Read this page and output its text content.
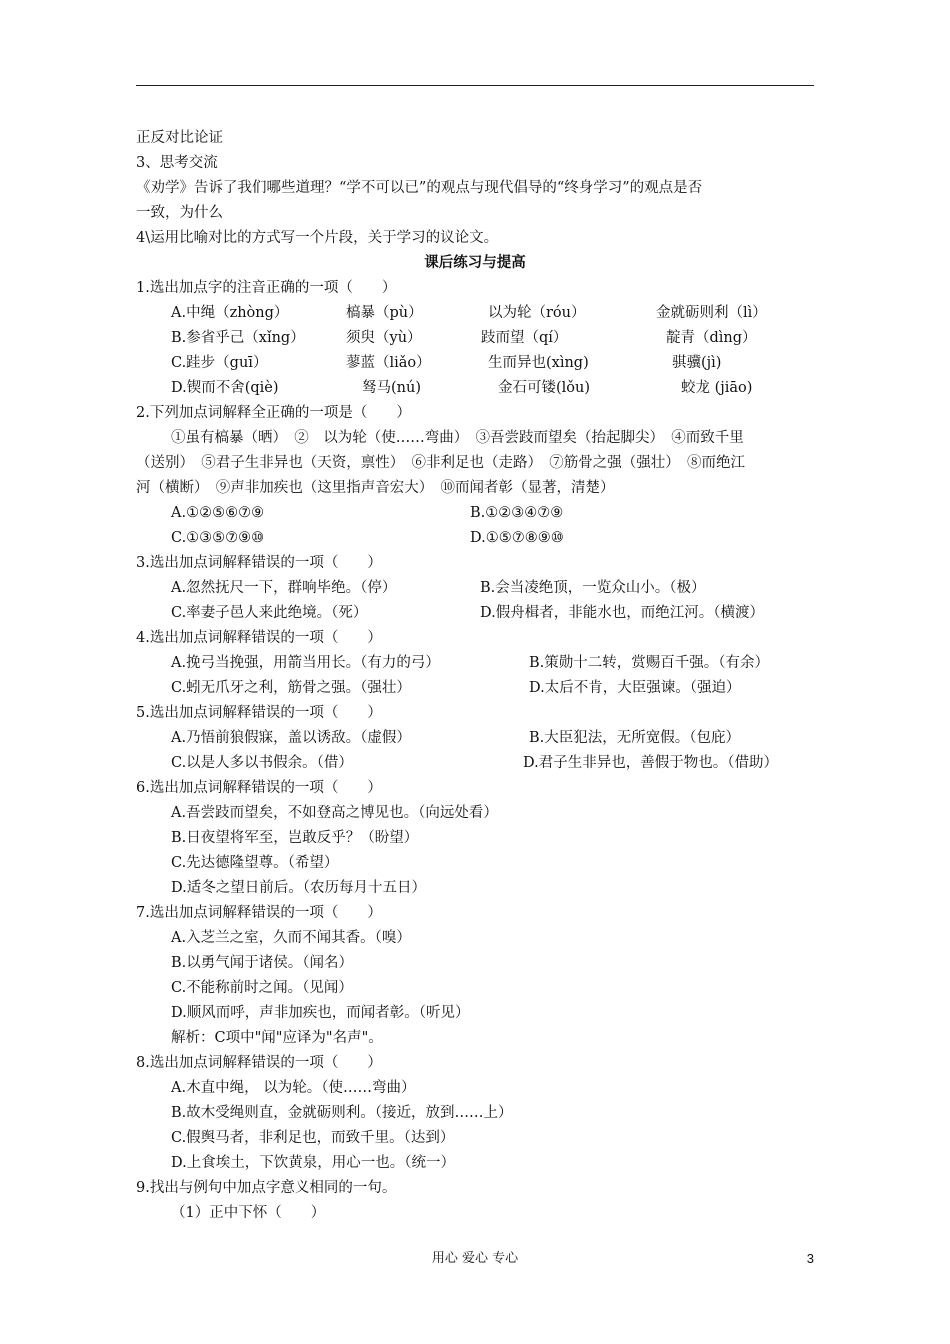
正反对比论证
3、思考交流
《劝学》告诉了我们哪些道理？“学不可以已”的观点与现代倡导的“终身学习”的观点是否
一致，为什么
4\运用比喻对比的方式写一个片段，关于学习的议论文。
课后练习与提高
1.选出加点字的注音正确的一项（　　）
A.中绳（zhòng）	槁暴（pù）	以为轮（róu）	金就砺则利（lì）
B.参省乎己（xǐng）	须臾（yù）	跂而望（qí）	靛青（dìng）
C.跬步（guī）	蓼蓝（liǎo）	生而异也(xìng)	骐骥(jì)
D.锲而不舍(qiè)	驽马(nú)	金石可镂(lǒu)	蛟龙 (jiāo)
2.下列加点词解释全正确的一项是（　　）
①虽有槁暴（晒）　②　以为轮（使……弯曲）　③吾尝跂而望矣（抬起脚尖）　④而致千里
（送别）　⑤君子生非异也（天资，禀性）　⑥非利足也（走路）　⑦筋骨之强（强壮）　⑧而绝江
河（横断）　⑨声非加疾也（这里指声音宏大）　⑩而闻者彰（显著，清楚）
A.①②⑤⑥⑦⑨	B.①②③④⑦⑨
C.①③⑤⑦⑨⑩	D.①⑤⑦⑧⑨⑩
3.选出加点词解释错误的一项（　　）
A.忽然抚尺一下，群响毕绝。（停）	B.会当凌绝顶，一览众山小。（极）
C.率妻子邑人来此绝境。（死）	D.假舟楫者，非能水也，而绝江河。（横渡）
4.选出加点词解释错误的一项（　　）
A.挽弓当挽强，用箭当用长。（有力的弓）	B.策勋十二转，赏赐百千强。（有余）
C.蚓无爪牙之利，筋骨之强。（强壮）	D.太后不肯，大臣强谏。（强迫）
5.选出加点词解释错误的一项（　　）
A.乃悟前狼假寐，盖以诱敌。（虚假）	B.大臣犯法，无所宽假。（包庇）
C.以是人多以书假余。（借）	D.君子生非异也，善假于物也。（借助）
6.选出加点词解释错误的一项（　　）
A.吾尝跂而望矣，不如登高之博见也。（向远处看）
B.日夜望将军至，岂敢反乎？（盼望）
C.先达德隆望尊。（希望）
D.适冬之望日前后。（农历每月十五日）
7.选出加点词解释错误的一项（　　）
A.入芝兰之室，久而不闻其香。（嗅）
B.以勇气闻于诸侯。（闻名）
C.不能称前时之闻。（见闻）
D.顺风而呼，声非加疾也，而闻者彰。（听见）
解析：C项中"闻"应译为"名声"。
8.选出加点词解释错误的一项（　　）
A.木直中绳， 以为轮。（使……弯曲）
B.故木受绳则直，金就砺则利。（接近，放到……上）
C.假舆马者，非利足也，而致千里。（达到）
D.上食埃土，下饮黄泉，用心一也。（统一）
9.找出与例句中加点字意义相同的一句。
（1）正中下怀（　　）
用心 爱心 专心	3
